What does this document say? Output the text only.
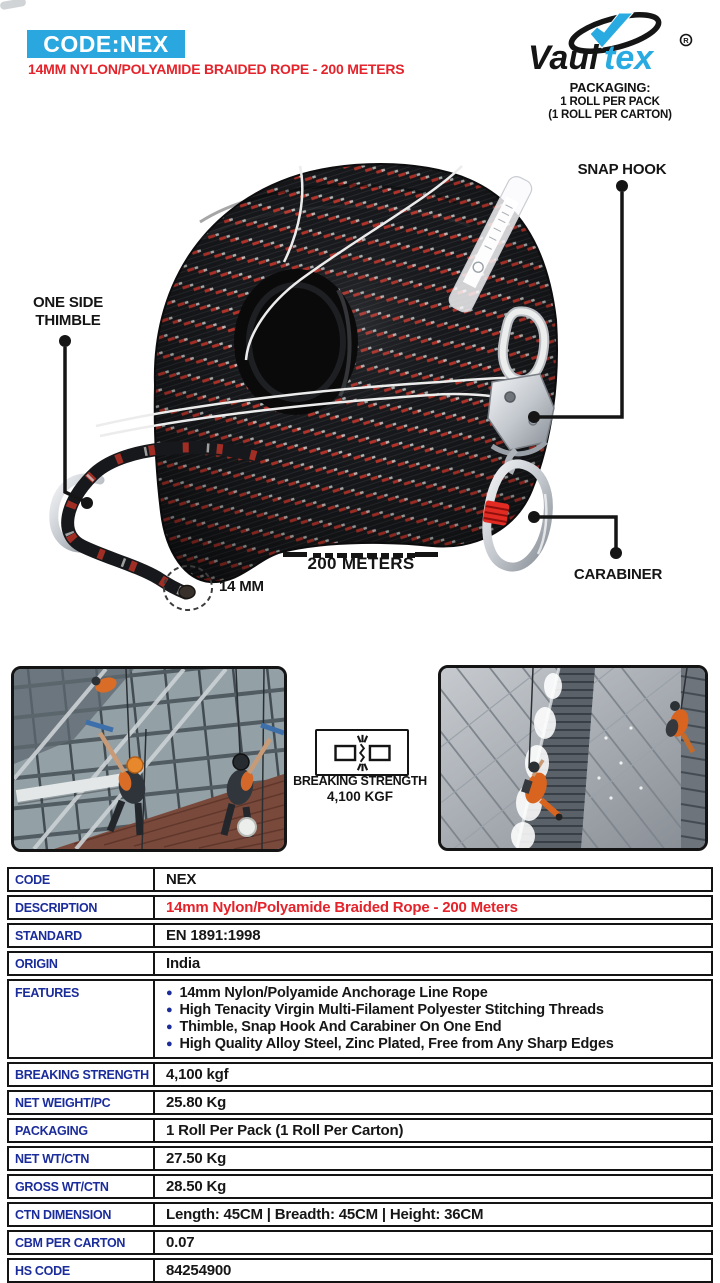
CODE:NEX
14MM NYLON/POLYAMIDE BRAIDED ROPE - 200 METERS	Vaul tex	R
PACKAGING:
1 ROLL PER PACK
(1 ROLL PER CARTON)
SNAP HOOK
ONE SIDE
THIMBLE
CARABINER
200 METERS
14 MM
BREAKING STRENGTH
4,100 KGF
CODE	NEX
DESCRIPTION	14mm Nylon/Polyamide Braided Rope - 200 Meters
STANDARD	EN 1891:1998
ORIGIN	India
FEATURES	● 14mm Nylon/Polyamide Anchorage Line Rope
● High Tenacity Virgin Multi-Filament Polyester Stitching Threads
● Thimble, Snap Hook And Carabiner On One End
● High Quality Alloy Steel, Zinc Plated, Free from Any Sharp Edges
BREAKING STRENGTH	4,100 kgf
NET WEIGHT/PC	25.80 Kg
PACKAGING	1 Roll Per Pack (1 Roll Per Carton)
NET WT/CTN	27.50 Kg
GROSS WT/CTN	28.50 Kg
CTN DIMENSION	Length: 45CM | Breadth: 45CM | Height: 36CM
CBM PER CARTON	0.07
HS CODE	84254900
